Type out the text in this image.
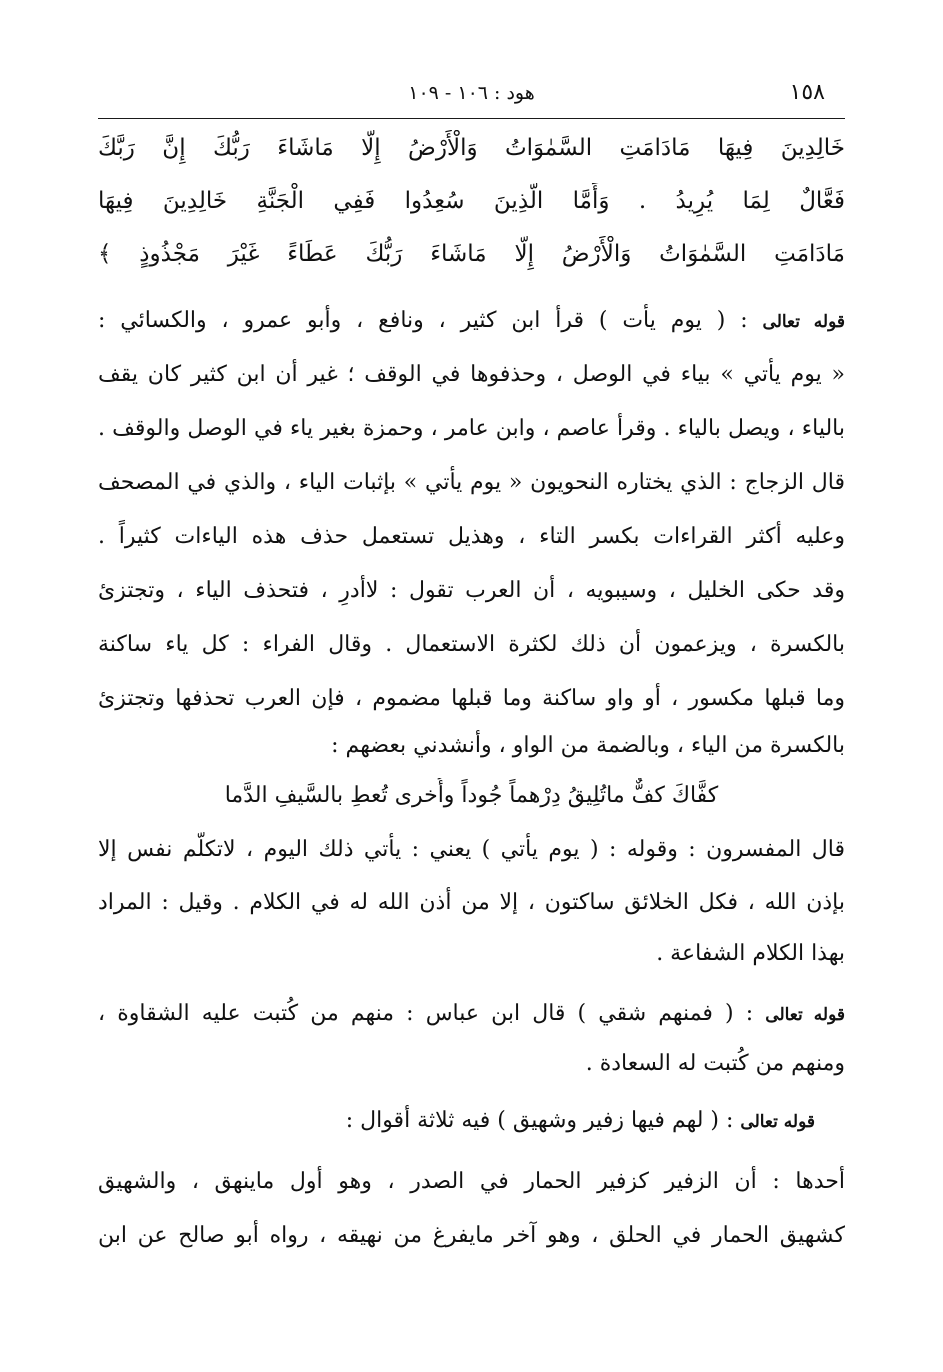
١٥٨
هود : ١٠٦ - ١٠٩
خَالِدِينَ فِيهَا مَادَامَتِ السَّمٰوَاتُ وَالْأَرْضُ إِلَّا مَاشَاءَ رَبُّكَ إِنَّ رَبَّكَ
فَعَّالٌ لِمَا يُرِيدُ . وَأَمَّا الَّذِينَ سُعِدُوا فَفِي الْجَنَّةِ خَالِدِينَ فِيهَا
مَادَامَتِ السَّمٰوَاتُ وَالْأَرْضُ إِلَّا مَاشَاءَ رَبُّكَ عَطَاءً غَيْرَ مَجْذُوذٍ ﴾
قوله تعالى : ( يوم يأت ) قرأ ابن كثير ، ونافع ، وأبو عمرو ، والكسائي :
« يوم يأتي » بياء في الوصل ، وحذفوها في الوقف ؛ غير أن ابن كثير كان يقف
بالياء ، ويصل بالياء . وقرأ عاصم ، وابن عامر ، وحمزة بغير ياء في الوصل والوقف .
قال الزجاج : الذي يختاره النحويون « يوم يأتي » بإثبات الياء ، والذي في المصحف
وعليه أكثر القراءات بكسر التاء ، وهذيل تستعمل حذف هذه الياءات كثيراً .
وقد حكى الخليل ، وسيبويه ، أن العرب تقول : لاأدرِ ، فتحذف الياء ، وتجتزئ
بالكسرة ، ويزعمون أن ذلك لكثرة الاستعمال . وقال الفراء : كل ياء ساكنة
وما قبلها مكسور ، أو واو ساكنة وما قبلها مضموم ، فإن العرب تحذفها وتجتزئ
بالكسرة من الياء ، وبالضمة من الواو ، وأنشدني بعضهم :
كفَّاكَ كفٌّ ماتُلِيقُ دِرْهماً جُوداً وأُخرى تُعطِ بالسَّيفِ الدَّما
قال المفسرون : وقوله : ( يوم يأتي ) يعني : يأتي ذلك اليوم ، لاتكلَّم نفس إلا
بإذن الله ، فكل الخلائق ساكتون ، إلا من أذن الله له في الكلام . وقيل : المراد
بهذا الكلام الشفاعة .
قوله تعالى : ( فمنهم شقي ) قال ابن عباس : منهم من كُتبت عليه الشقاوة ،
ومنهم من كُتبت له السعادة .
قوله تعالى : ( لهم فيها زفير وشهيق ) فيه ثلاثة أقوال :
أحدها : أن الزفير كزفير الحمار في الصدر ، وهو أول ماينهق ، والشهيق
كشهيق الحمار في الحلق ، وهو آخر مايفرغ من نهيقه ، رواه أبو صالح عن ابن
